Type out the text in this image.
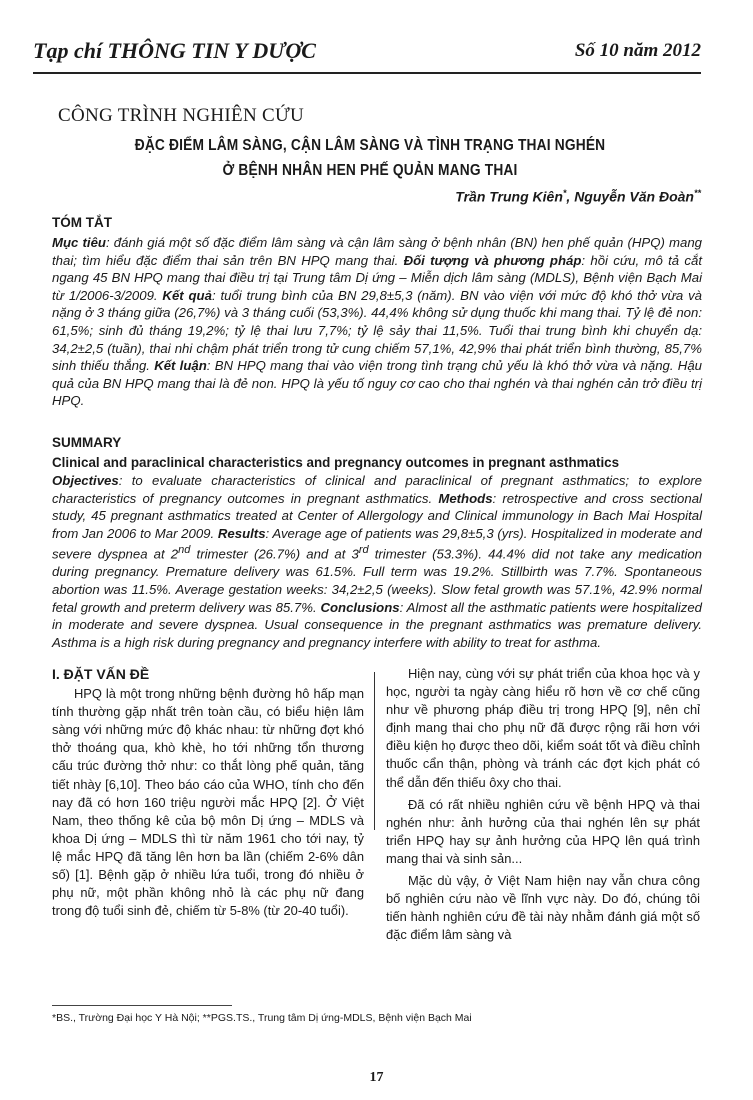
Tạp chí THÔNG TIN Y DƯỢC	Số 10 năm 2012
CÔNG TRÌNH NGHIÊN CỨU
ĐẶC ĐIỂM LÂM SÀNG, CẬN LÂM SÀNG VÀ TÌNH TRẠNG THAI NGHÉN
Ở BỆNH NHÂN HEN PHẾ QUẢN MANG THAI
Trần Trung Kiên*, Nguyễn Văn Đoàn**
TÓM TẮT
Mục tiêu: đánh giá một số đặc điểm lâm sàng và cận lâm sàng ở bệnh nhân (BN) hen phế quản (HPQ) mang thai; tìm hiểu đặc điểm thai sản trên BN HPQ mang thai. Đối tượng và phương pháp: hồi cứu, mô tả cắt ngang 45 BN HPQ mang thai điều trị tại Trung tâm Dị ứng – Miễn dịch lâm sàng (MDLS), Bệnh viện Bạch Mai từ 1/2006-3/2009. Kết quả: tuổi trung bình của BN 29,8±5,3 (năm). BN vào viện với mức độ khó thở vừa và nặng ở 3 tháng giữa (26,7%) và 3 tháng cuối (53,3%). 44,4% không sử dụng thuốc khi mang thai. Tỷ lệ đẻ non: 61,5%; sinh đủ tháng 19,2%; tỷ lệ thai lưu 7,7%; tỷ lệ sảy thai 11,5%. Tuổi thai trung bình khi chuyển dạ: 34,2±2,5 (tuần), thai nhi chậm phát triển trong tử cung chiếm 57,1%, 42,9% thai phát triển bình thường, 85,7% sinh thiếu thắng. Kết luận: BN HPQ mang thai vào viện trong tình trạng chủ yếu là khó thở vừa và nặng. Hậu quả của BN HPQ mang thai là đẻ non. HPQ là yếu tố nguy cơ cao cho thai nghén và thai nghén cản trở điều trị HPQ.
SUMMARY
Clinical and paraclinical characteristics and pregnancy outcomes in pregnant asthmatics
Objectives: to evaluate characteristics of clinical and paraclinical of pregnant asthmatics; to explore characteristics of pregnancy outcomes in pregnant asthmatics. Methods: retrospective and cross sectional study, 45 pregnant asthmatics treated at Center of Allergology and Clinical immunology in Bach Mai Hospital from Jan 2006 to Mar 2009. Results: Average age of patients was 29,8±5,3 (yrs). Hospitalized in moderate and severe dyspnea at 2nd trimester (26.7%) and at 3rd trimester (53.3%). 44.4% did not take any medication during pregnancy. Premature delivery was 61.5%. Full term was 19.2%. Stillbirth was 7.7%. Spontaneous abortion was 11.5%. Average gestation weeks: 34,2±2,5 (weeks). Slow fetal growth was 57.1%, 42.9% normal fetal growth and preterm delivery was 85.7%. Conclusions: Almost all the asthmatic patients were hospitalized in moderate and severe dyspnea. Usual consequence in the pregnant asthmatics was premature delivery. Asthma is a high risk during pregnancy and pregnancy interfere with ability to treat for asthma.

I. ĐẶT VẤN ĐỀ

HPQ là một trong những bệnh đường hô hấp mạn tính thường gặp nhất trên toàn cầu, có biểu hiện lâm sàng với những mức độ khác nhau: từ những đợt khó thở thoáng qua, khò khè, ho tới những tổn thương cấu trúc đường thở như: co thắt lòng phế quản, tăng tiết nhày [6,10]. Theo báo cáo của WHO, tính cho đến nay đã có hơn 160 triệu người mắc HPQ [2]. Ở Việt Nam, theo thống kê của bộ môn Dị ứng – MDLS và khoa Dị ứng – MDLS thì từ năm 1961 cho tới nay, tỷ lệ mắc HPQ đã tăng lên hơn ba lần (chiếm 2-6% dân số) [1]. Bệnh gặp ở nhiều lứa tuổi, trong đó nhiều ở phụ nữ, một phần không nhỏ là các phụ nữ đang trong độ tuổi sinh đẻ, chiếm từ 5-8% (từ 20-40 tuổi).

Hiện nay, cùng với sự phát triển của khoa học và y học, người ta ngày càng hiểu rõ hơn về cơ chế cũng như về phương pháp điều trị trong HPQ [9], nên chỉ định mang thai cho phụ nữ đã được rộng rãi hơn với điều kiện họ được theo dõi, kiểm soát tốt và điều chỉnh thuốc cẩn thận, phòng và tránh các đợt kịch phát có thể dẫn đến thiếu ôxy cho thai.

Đã có rất nhiều nghiên cứu về bệnh HPQ và thai nghén như: ảnh hưởng của thai nghén lên sự phát triển HPQ hay sự ảnh hưởng của HPQ lên quá trình mang thai và sinh sản...

Mặc dù vậy, ở Việt Nam hiện nay vẫn chưa công bố nghiên cứu nào về lĩnh vực này. Do đó, chúng tôi tiến hành nghiên cứu đề tài này nhằm đánh giá một số đặc điểm lâm sàng và

*BS., Trường Đại học Y Hà Nội; **PGS.TS., Trung tâm Dị ứng-MDLS, Bệnh viện Bạch Mai
17
